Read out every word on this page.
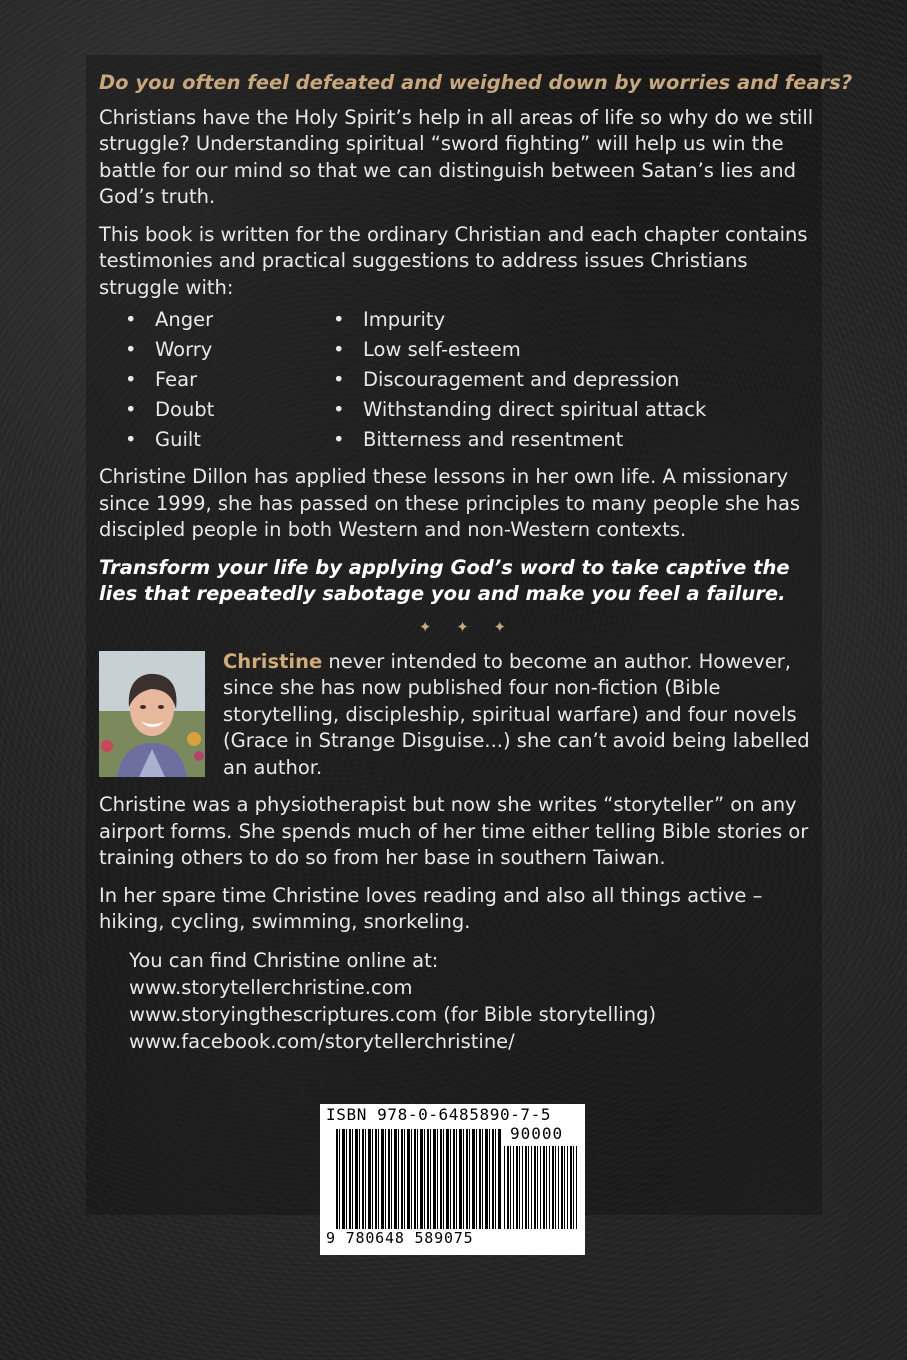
Do you often feel defeated and weighed down by worries and fears?

Christians have the Holy Spirit’s help in all areas of life so why do we still struggle? Understanding spiritual “sword fighting” will help us win the battle for our mind so that we can distinguish between Satan’s lies and God’s truth.

This book is written for the ordinary Christian and each chapter contains testimonies and practical suggestions to address issues Christians struggle with:

• Anger
• Worry
• Fear
• Doubt
• Guilt
• Impurity
• Low self-esteem
• Discouragement and depression
• Withstanding direct spiritual attack
• Bitterness and resentment

Christine Dillon has applied these lessons in her own life. A missionary since 1999, she has passed on these principles to many people she has discipled people in both Western and non-Western contexts.

Transform your life by applying God’s word to take captive the lies that repeatedly sabotage you and make you feel a failure.

✦ ✦ ✦

Christine never intended to become an author. However, since she has now published four non-fiction (Bible storytelling, discipleship, spiritual warfare) and four novels (Grace in Strange Disguise...) she can’t avoid being labelled an author.

Christine was a physiotherapist but now she writes “storyteller” on any airport forms. She spends much of her time either telling Bible stories or training others to do so from her base in southern Taiwan.

In her spare time Christine loves reading and also all things active – hiking, cycling, swimming, snorkeling.

You can find Christine online at:

www.storytellerchristine.com

www.storyingthescriptures.com (for Bible storytelling)

www.facebook.com/storytellerchristine/

ISBN 978-0-6485890-7-5
90000
9 780648 589075
